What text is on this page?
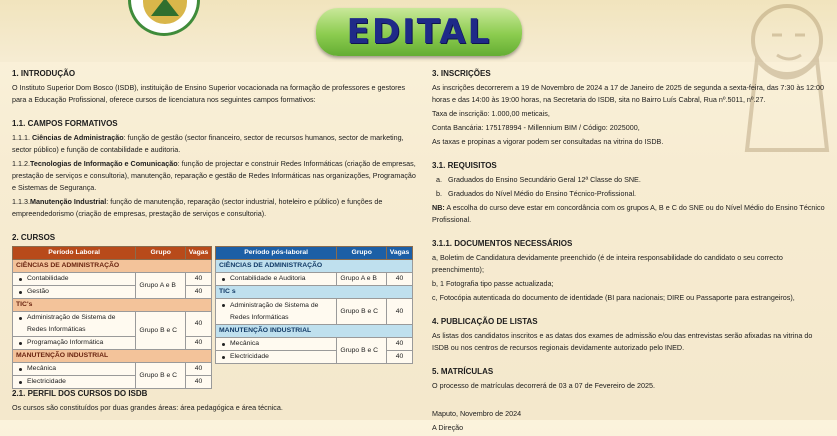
EDITAL
1. INTRODUÇÃO
O Instituto Superior Dom Bosco (ISDB), instituição de Ensino Superior vocacionada na formação de professores e gestores para a Educação Profissional, oferece cursos de licenciatura nos seguintes campos formativos:
1.1. CAMPOS FORMATIVOS
1.1.1. Ciências de Administração: função de gestão (sector financeiro, sector de recursos humanos, sector de marketing, sector público) e função de contabilidade e auditoria.
1.1.2.Tecnologias de Informação e Comunicação: função de projectar e construir Redes Informáticas (criação de empresas, prestação de serviços e consultoria), manutenção, reparação e gestão de Redes Informáticas nas organizações, Programação e Sistemas de Segurança.
1.1.3.Manutenção Industrial: função de manutenção, reparação (sector industrial, hoteleiro e público) e funções de empreendedorismo (criação de empresas, prestação de serviços e consultoria).
2. CURSOS
Período Laboral	Grupo	Vagas
CIÊNCIAS DE ADMINISTRAÇÃO		
Contabilidade	Grupo A e B	40
Gestão		40
TIC's		
Administração de Sistema de Redes Informáticas	Grupo B e C	40
Programação Informática		40
MANUTENÇÃO INDUSTRIAL		
Mecânica	Grupo B e C	40
Electricidade		40
Período pós-laboral	Grupo	Vagas
CIÊNCIAS DE ADMINISTRAÇÃO		
Contabilidade e Auditoria	Grupo A e B	40
TIC s		
Administração de Sistema de Redes Informáticas	Grupo B e C	40
MANUTENÇÃO INDUSTRIAL		
Mecânica	Grupo B e C	40
Electricidade		40
2.1. PERFIL DOS CURSOS DO ISDB
Os cursos são constituídos por duas grandes áreas: área pedagógica e área técnica.
3. INSCRIÇÕES
As inscrições decorrerem a 19 de Novembro de 2024 a 17 de Janeiro de 2025 de segunda a sexta-feira, das 7:30 às 12:00 horas e das 14:00 às 19:00 horas, na Secretaria do ISDB, sita no Bairro Luís Cabral, Rua nº.5011, nº.27.
Taxa de inscrição: 1.000,00 meticais,
Conta Bancária: 175178994 - Millennium BIM / Código: 2025000,
As taxas e propinas a vigorar podem ser consultadas na vitrina do ISDB.
3.1. REQUISITOS
a. Graduados do Ensino Secundário Geral 12ª Classe do SNE.
b. Graduados do Nível Médio do Ensino Técnico-Profissional.
NB: A escolha do curso deve estar em concordância com os grupos A, B e C do SNE ou do Nível Médio do Ensino Técnico Profissional.
3.1.1. DOCUMENTOS NECESSÁRIOS
a, Boletim de Candidatura devidamente preenchido (é de inteira responsabilidade do candidato o seu correcto preenchimento);
b, 1 Fotografia tipo passe actualizada;
c, Fotocópia autenticada do documento de identidade (BI para nacionais; DIRE ou Passaporte para estrangeiros),
4. PUBLICAÇÃO DE LISTAS
As listas dos candidatos inscritos e as datas dos exames de admissão e/ou das entrevistas serão afixadas na vitrina do ISDB ou nos centros de recursos regionais devidamente autorizado pelo INED.
5. MATRÍCULAS
O processo de matrículas decorrerá de 03 a 07 de Fevereiro de 2025.
Maputo, Novembro de 2024
A Direção
